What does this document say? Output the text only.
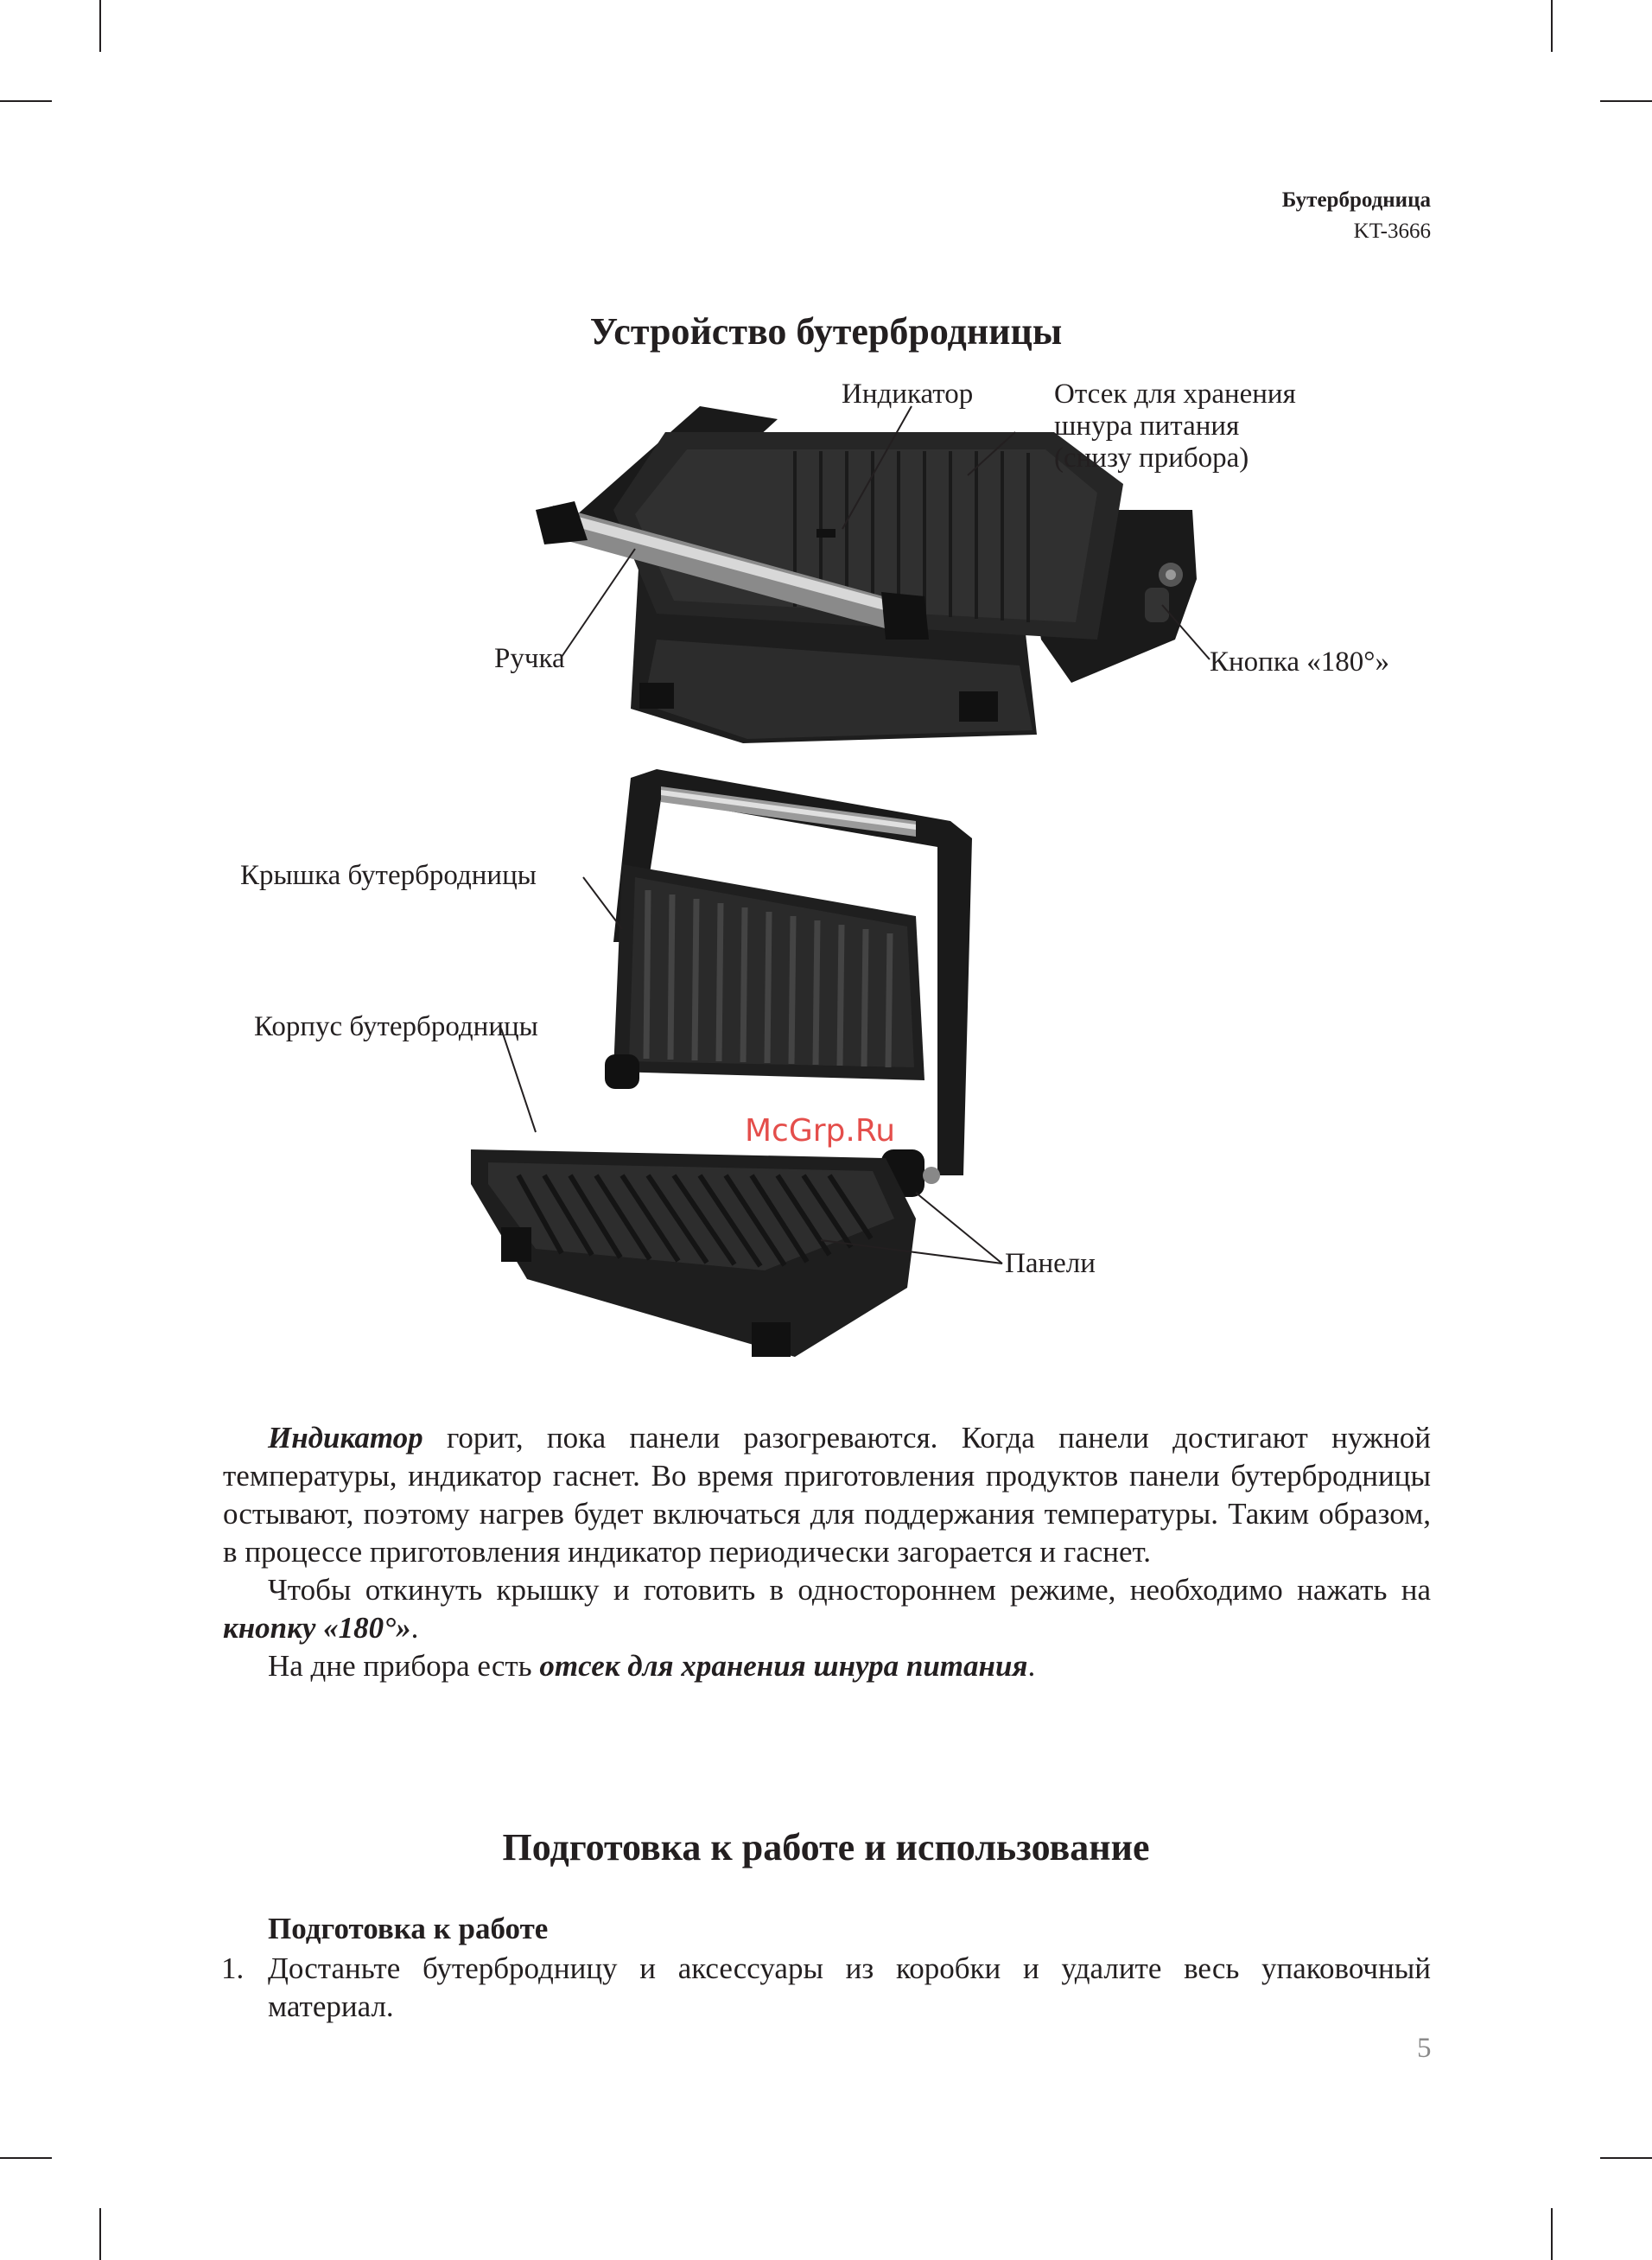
Бутербродница
KT-3666
Устройство бутербродницы
Индикатор	Отсек для хранения
шнура питания
(снизу прибора)
Ручка	Кнопка «180°»
Крышка бутербродницы
Корпус бутербродницы
Панели
McGrp.Ru

Индикатор горит, пока панели разогреваются. Когда панели достигают нужной температуры, индикатор гаснет. Во время приготовления продуктов панели бутербродницы остывают, поэтому нагрев будет включаться для поддержания температуры. Таким образом, в процессе приготовления индикатор периодически загорается и гаснет.

Чтобы откинуть крышку и готовить в одностороннем режиме, необходимо нажать на кнопку «180°».

На дне прибора есть отсек для хранения шнура питания.

Подготовка к работе и использование
Подготовка к работе
1. Достаньте бутербродницу и аксессуары из коробки и удалите весь упаковочный материал.
5
